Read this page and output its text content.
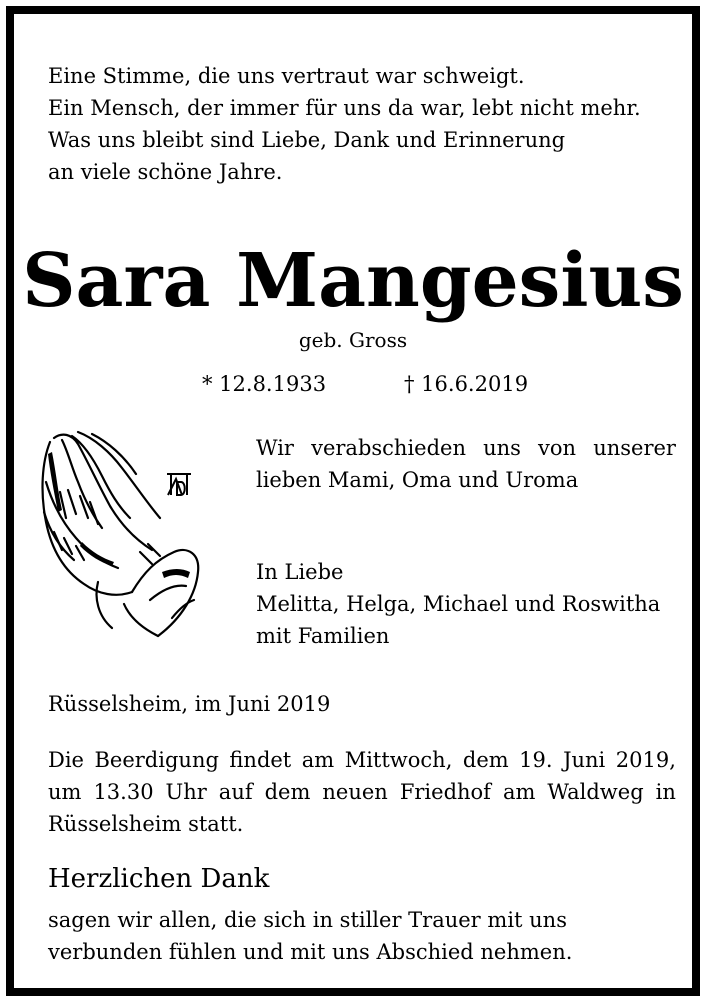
Eine Stimme, die uns vertraut war schweigt.
Ein Mensch, der immer für uns da war, lebt nicht mehr.
Was uns bleibt sind Liebe, Dank und Erinnerung
an viele schöne Jahre.
Sara Mangesius
geb. Gross
* 12.8.1933	† 16.6.2019
Wir verabschieden uns von unserer
lieben Mami, Oma und Uroma
In Liebe
Melitta, Helga, Michael und Roswitha
mit Familien
Rüsselsheim, im Juni 2019
Die Beerdigung findet am Mittwoch, dem 19. Juni 2019,
um 13.30 Uhr auf dem neuen Friedhof am Waldweg in
Rüsselsheim statt.
Herzlichen Dank
sagen wir allen, die sich in stiller Trauer mit uns
verbunden fühlen und mit uns Abschied nehmen.
